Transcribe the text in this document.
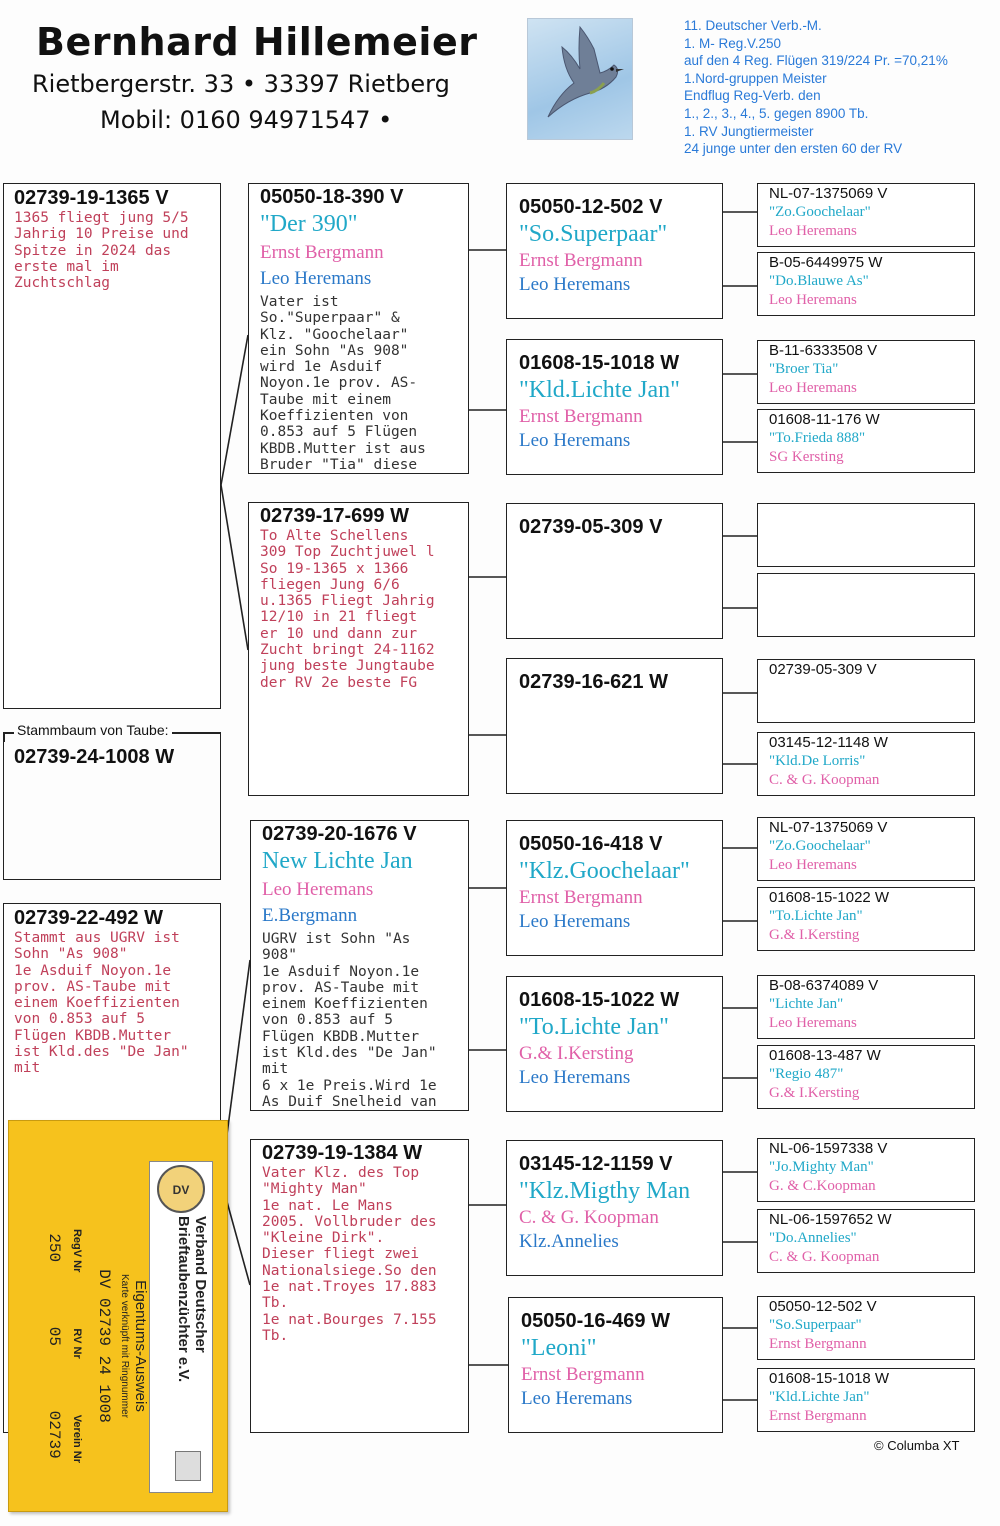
Bernhard Hillemeier
Rietbergerstr. 33 • 33397 Rietberg
Mobil: 0160 94971547 •
11. Deutscher Verb.-M.
1. M- Reg.V.250
auf den 4 Reg. Flügen 319/224 Pr. =70,21%
1.Nord-gruppen Meister
Endflug Reg-Verb. den
1., 2., 3., 4., 5. gegen 8900 Tb.
1. RV Jungtiermeister
24 junge unter den ersten 60 der RV
02739-19-1365 V
1365 fliegt jung 5/5
Jahrig 10 Preise und
Spitze in 2024 das
erste mal im
Zuchtschlag
Stammbaum von Taube:
02739-24-1008 W
02739-22-492 W
Stammt aus UGRV ist
Sohn "As 908"
1e Asduif Noyon.1e
prov. AS-Taube mit
einem Koeffizienten
von 0.853 auf 5
Flügen KBDB.Mutter
ist Kld.des "De Jan"
mit
05050-18-390 V
"Der 390"
Ernst Bergmann
Leo Heremans
Vater ist
So."Superpaar" &
Klz. "Goochelaar"
ein Sohn "As 908"
wird 1e Asduif
Noyon.1e prov. AS-
Taube mit einem
Koeffizienten von
0.853 auf 5 Flügen
KBDB.Mutter ist aus
Bruder "Tia" diese
02739-17-699 W
To Alte Schellens
309 Top Zuchtjuwel l
So 19-1365 x 1366
fliegen Jung 6/6
u.1365 Fliegt Jahrig
12/10 in 21 fliegt
er 10 und dann zur
Zucht bringt 24-1162
jung beste Jungtaube
der RV 2e beste FG
02739-20-1676 V
New Lichte Jan
Leo Heremans
E.Bergmann
UGRV ist Sohn "As
908"
1e Asduif Noyon.1e
prov. AS-Taube mit
einem Koeffizienten
von 0.853 auf 5
Flügen KBDB.Mutter
ist Kld.des "De Jan"
mit
6 x 1e Preis.Wird 1e
As Duif Snelheid van
02739-19-1384 W
Vater Klz. des Top
"Mighty Man"
1e nat. Le Mans
2005. Vollbruder des
"Kleine Dirk".
Dieser fliegt zwei
Nationalsiege.So den
1e nat.Troyes 17.883
Tb.
1e nat.Bourges 7.155
Tb.
05050-12-502 V
"So.Superpaar"
Ernst Bergmann
Leo Heremans
01608-15-1018 W
"Kld.Lichte Jan"
Ernst Bergmann
Leo Heremans
02739-05-309 V
02739-16-621 W
05050-16-418 V
"Klz.Goochelaar"
Ernst Bergmann
Leo Heremans
01608-15-1022 W
"To.Lichte Jan"
G.& I.Kersting
Leo Heremans
03145-12-1159 V
"Klz.Migthy Man
C. & G. Koopman
Klz.Annelies
05050-16-469 W
"Leoni"
Ernst Bergmann
Leo Heremans
NL-07-1375069 V
"Zo.Goochelaar"
Leo Heremans
B-05-6449975 W
"Do.Blauwe As"
Leo Heremans
B-11-6333508 V
"Broer Tia"
Leo Heremans
01608-11-176 W
"To.Frieda 888"
SG Kersting
02739-05-309 V
03145-12-1148 W
"Kld.De Lorris"
C. & G. Koopman
NL-07-1375069 V
"Zo.Goochelaar"
Leo Heremans
01608-15-1022 W
"To.Lichte Jan"
G.& I.Kersting
B-08-6374089 V
"Lichte Jan"
Leo Heremans
01608-13-487 W
"Regio 487"
G.& I.Kersting
NL-06-1597338 V
"Jo.Mighty Man"
G. & C.Koopman
NL-06-1597652 W
"Do.Annelies"
C. & G. Koopman
05050-12-502 V
"So.Superpaar"
Ernst Bergmann
01608-15-1018 W
"Kld.Lichte Jan"
Ernst Bergmann
© Columba XT
DV
Verband Deutscher
Brieftaubenzüchter e.V.
Eigentums-Ausweis
Karte verknüpft mit Ringnummer
DV 02739 24 1008
RegV Nr
RV Nr
Verein Nr
250
05
02739
